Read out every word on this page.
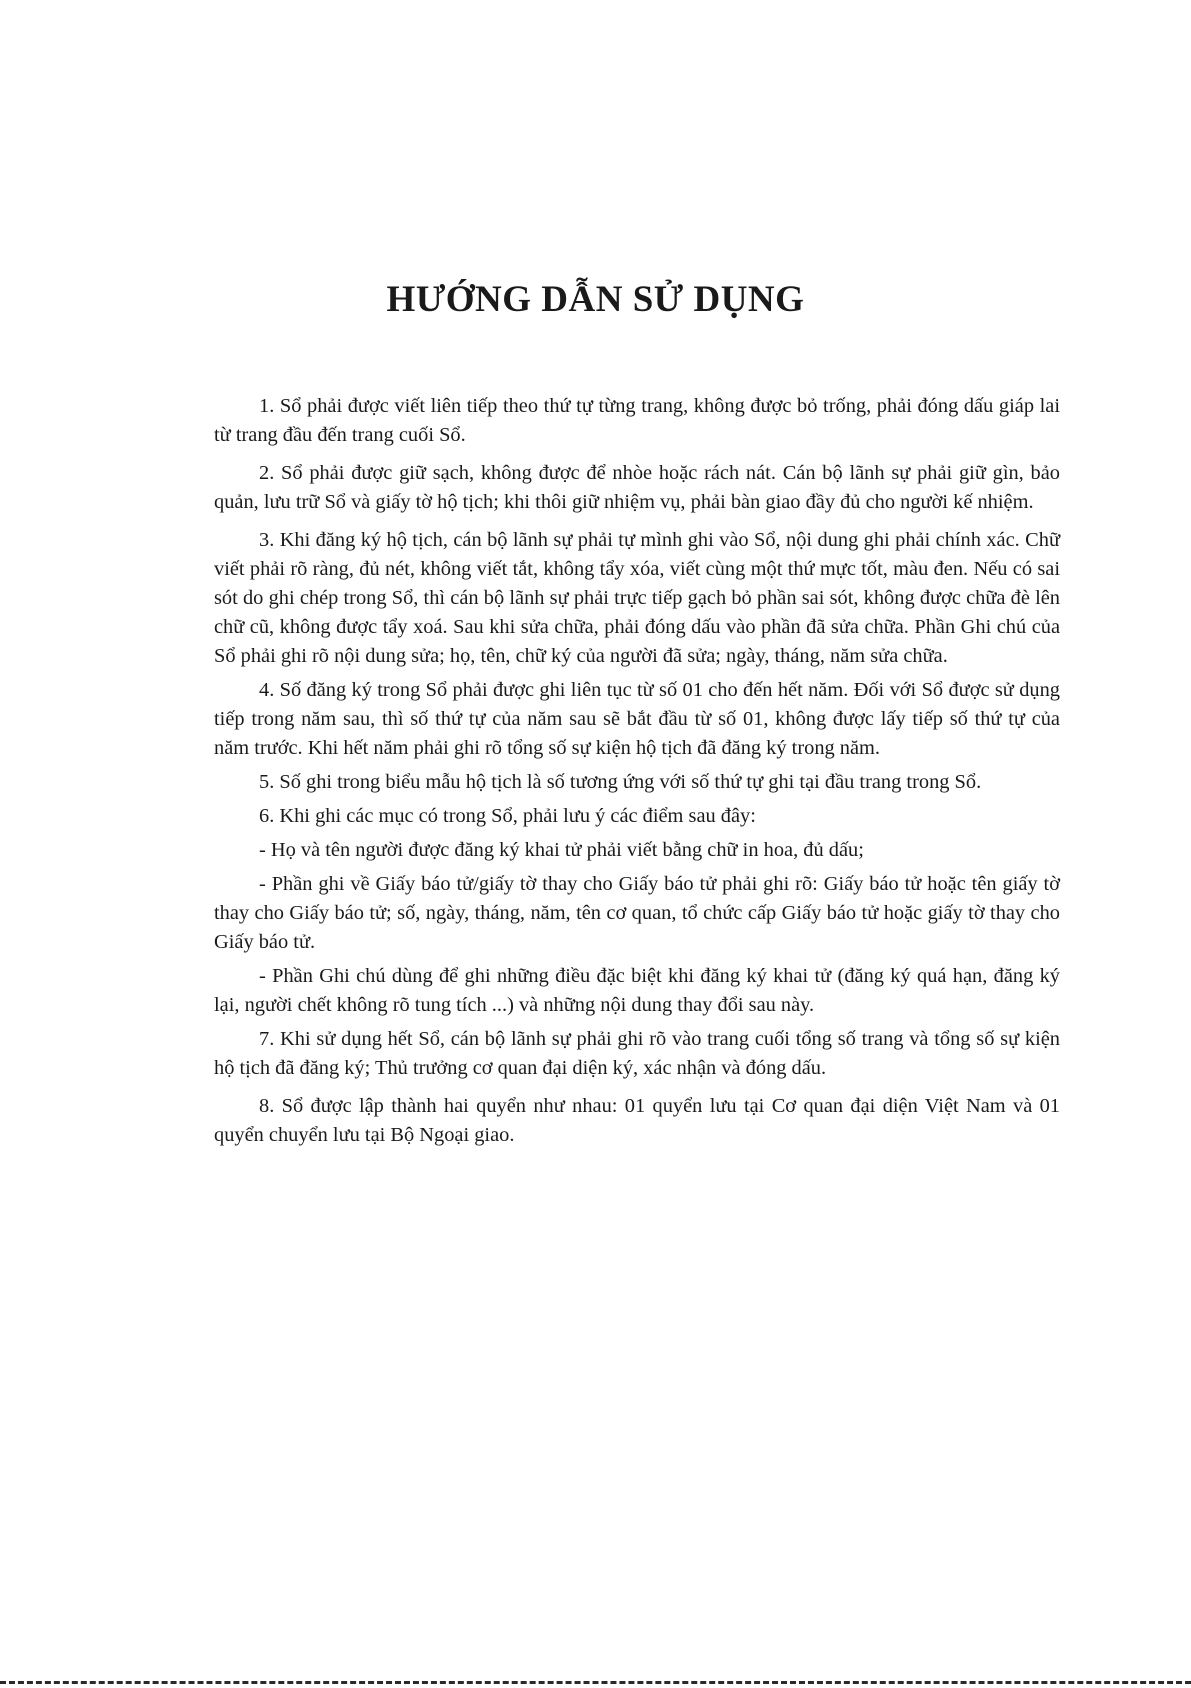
HƯỚNG DẪN SỬ DỤNG

1. Sổ phải được viết liên tiếp theo thứ tự từng trang, không được bỏ trống, phải đóng dấu giáp lai từ trang đầu đến trang cuối Sổ.

2. Sổ phải được giữ sạch, không được để nhòe hoặc rách nát. Cán bộ lãnh sự phải giữ gìn, bảo quản, lưu trữ Sổ và giấy tờ hộ tịch; khi thôi giữ nhiệm vụ, phải bàn giao đầy đủ cho người kế nhiệm.

3. Khi đăng ký hộ tịch, cán bộ lãnh sự phải tự mình ghi vào Sổ, nội dung ghi phải chính xác. Chữ viết phải rõ ràng, đủ nét, không viết tắt, không tẩy xóa, viết cùng một thứ mực tốt, màu đen. Nếu có sai sót do ghi chép trong Sổ, thì cán bộ lãnh sự phải trực tiếp gạch bỏ phần sai sót, không được chữa đè lên chữ cũ, không được tẩy xoá. Sau khi sửa chữa, phải đóng dấu vào phần đã sửa chữa. Phần Ghi chú của Sổ phải ghi rõ nội dung sửa; họ, tên, chữ ký của người đã sửa; ngày, tháng, năm sửa chữa.

4. Số đăng ký trong Sổ phải được ghi liên tục từ số 01 cho đến hết năm. Đối với Sổ được sử dụng tiếp trong năm sau, thì số thứ tự của năm sau sẽ bắt đầu từ số 01, không được lấy tiếp số thứ tự của năm trước. Khi hết năm phải ghi rõ tổng số sự kiện hộ tịch đã đăng ký trong năm.

5. Số ghi trong biểu mẫu hộ tịch là số tương ứng với số thứ tự ghi tại đầu trang trong Sổ.

6. Khi ghi các mục có trong Sổ, phải lưu ý các điểm sau đây:

- Họ và tên người được đăng ký khai tử phải viết bằng chữ in hoa, đủ dấu;

- Phần ghi về Giấy báo tử/giấy tờ thay cho Giấy báo tử phải ghi rõ: Giấy báo tử hoặc tên giấy tờ thay cho Giấy báo tử; số, ngày, tháng, năm, tên cơ quan, tổ chức cấp Giấy báo tử hoặc giấy tờ thay cho Giấy báo tử.

- Phần Ghi chú dùng để ghi những điều đặc biệt khi đăng ký khai tử (đăng ký quá hạn, đăng ký lại, người chết không rõ tung tích ...) và những nội dung thay đổi sau này.

7. Khi sử dụng hết Sổ, cán bộ lãnh sự phải ghi rõ vào trang cuối tổng số trang và tổng số sự kiện hộ tịch đã đăng ký; Thủ trưởng cơ quan đại diện ký, xác nhận và đóng dấu.

8. Sổ được lập thành hai quyển như nhau: 01 quyển lưu tại Cơ quan đại diện Việt Nam và 01 quyển chuyển lưu tại Bộ Ngoại giao.
